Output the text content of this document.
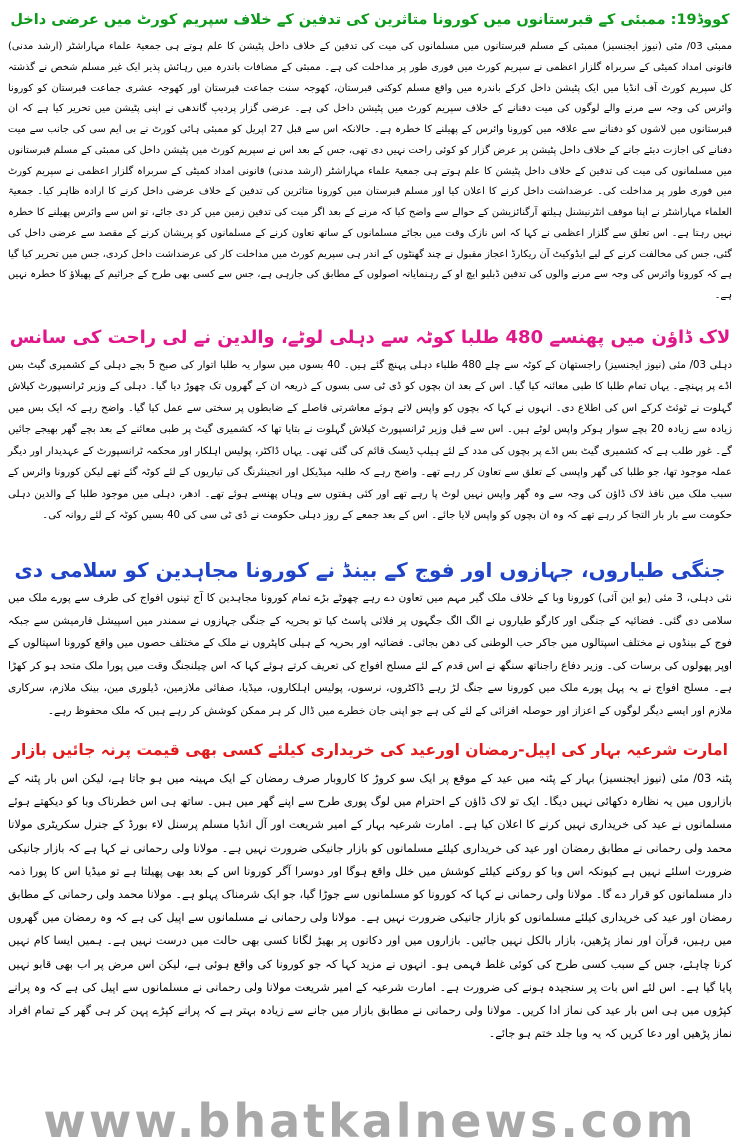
کووڈ19: ممبئی کے قبرستانوں میں کورونا متاثرین کی تدفین کے خلاف سپریم کورٹ میں عرضی داخل

ممبئی 03/ مئی (نیوز ایجنسیز) ممبئی کے مسلم قبرستانوں میں مسلمانوں کی میت کی تدفین کے خلاف داخل پٹیشن کا علم ہوتے ہی جمعیۃ علماء مہاراشٹر (ارشد مدنی) قانونی امداد کمیٹی کے سربراہ گلزار اعظمی نے سپریم کورٹ میں فوری طور پر مداخلت کی ہے۔ ممبئی کے مضافات باندرہ میں رہائش پذیر ایک غیر مسلم شخص نے گذشتہ کل سپریم کورٹ آف انڈیا میں ایک پٹیشن داخل کرکے باندرہ میں واقع مسلم کوکنی قبرستان، کھوجہ سنت جماعت قبرستان اور کھوجہ عشری جماعت قبرستان کو کورونا وائرس کی وجہ سے مرنے والے لوگوں کی میت دفنانے کے خلاف سپریم کورٹ میں پٹیشن داخل کی ہے۔ عرضی گزار پردیپ گاندھی نے اپنی پٹیشن میں تحریر کیا ہے کہ ان قبرستانوں میں لاشوں کو دفنانے سے علاقہ میں کورونا وائرس کے پھیلنے کا خطرہ ہے۔ حالانکہ اس سے قبل 27 اپریل کو ممبئی ہائی کورٹ نے بی ایم سی کی جانب سے میت دفنانے کی اجازت دیئے جانے کے خلاف داخل پٹیشن پر عرض گزار کو کوئی راحت نہیں دی تھی، جس کے بعد اس نے سپریم کورٹ میں پٹیشن داخل کی ممبئی کے مسلم قبرستانوں میں مسلمانوں کی میت کی تدفین کے خلاف داخل پٹیشن کا علم ہوتے ہی جمعیۃ علماء مہاراشٹر (ارشد مدنی) قانونی امداد کمیٹی کے سربراہ گلزار اعظمی نے سپریم کورٹ میں فوری طور پر مداخلت کی۔ عرضداشت داخل کرنے کا اعلان کیا اور مسلم قبرستان میں کورونا متاثرین کی تدفین کے خلاف عرضی داخل کرنے کا ارادہ ظاہر کیا۔ جمعیۃ العلماء مہاراشٹر نے اپنا موقف انٹرنیشنل ہیلتھ آرگنائزیشن کے حوالے سے واضح کیا کہ مرنے کے بعد اگر میت کی تدفین زمین میں کر دی جائے، تو اس سے وائرس پھیلنے کا خطرہ نہیں رہتا ہے۔ اس تعلق سے گلزار اعظمی نے کہا کہ اس نازک وقت میں بجائے مسلمانوں کے ساتھ تعاون کرنے کے مسلمانوں کو پریشان کرنے کے مقصد سے عرضی داخل کی گئی، جس کی مخالفت کرنے کے لیے ایڈوکیٹ آن ریکارڈ اعجاز مقبول نے چند گھنٹوں کے اندر ہی سپریم کورٹ میں مداخلت کار کی عرضداشت داخل کردی، جس میں تحریر کیا گیا ہے کہ کورونا وائرس کی وجہ سے مرنے والوں کی تدفین ڈبلیو ایچ او کے رہنمایانہ اصولوں کے مطابق کی جارہی ہے، جس سے کسی بھی طرح کے جراثیم کے پھیلاؤ کا خطرہ نہیں ہے۔

لاک ڈاؤن میں پھنسے 480 طلبا کوٹہ سے دہلی لوٹے، والدین نے لی راحت کی سانس

دہلی 03/ مئی (نیوز ایجنسیز) راجستھان کے کوٹہ سے چلے 480 طلباء دہلی پہنچ گئے ہیں۔ 40 بسوں میں سوار یہ طلبا اتوار کی صبح 5 بجے دہلی کے کشمیری گیٹ بس اڈے پر پہنچے۔ یہاں تمام طلبا کا طبی معائنہ کیا گیا۔ اس کے بعد ان بچوں کو ڈی ٹی سی بسوں کے ذریعہ ان کے گھروں تک چھوڑ دیا گیا۔ دہلی کے وزیر ٹرانسپورٹ کیلاش گہلوت نے ٹوئٹ کرکے اس کی اطلاع دی۔ انہوں نے کہا کہ بچوں کو واپس لاتے ہوئے معاشرتی فاصلے کے ضابطوں پر سختی سے عمل کیا گیا۔ واضح رہے کہ ایک بس میں زیادہ سے زیادہ 20 بچے سوار ہوکر واپس لوٹے ہیں۔ اس سے قبل وزیر ٹرانسپورٹ کیلاش گہلوت نے بتایا تھا کہ کشمیری گیٹ پر طبی معائنے کے بعد بچے گھر بھیجے جائیں گے۔ غور طلب ہے کہ کشمیری گیٹ بس اڈے پر بچوں کی مدد کے لئے ہیلپ ڈیسک قائم کی گئی تھی۔ یہاں ڈاکٹر، پولیس اہلکار اور محکمہ ٹرانسپورٹ کے عہدیدار اور دیگر عملہ موجود تھا، جو طلبا کی گھر واپسی کے تعلق سے تعاون کر رہے تھے۔ واضح رہے کہ طلبہ میڈیکل اور انجینئرنگ کی تیاریوں کے لئے کوٹہ گئے تھے لیکن کورونا وائرس کے سبب ملک میں نافذ لاک ڈاؤن کی وجہ سے وہ گھر واپس نہیں لوٹ پا رہے تھے اور کئی ہفتوں سے وہاں پھنسے ہوئے تھے۔ ادھر، دہلی میں موجود طلبا کے والدین دہلی حکومت سے بار بار التجا کر رہے تھے کہ وہ ان بچوں کو واپس لایا جائے۔ اس کے بعد جمعے کے روز دہلی حکومت نے ڈی ٹی سی کی 40 بسیں کوٹہ کے لئے روانہ کی۔

جنگی طیاروں، جہازوں اور فوج کے بینڈ نے کورونا مجاہدین کو سلامی دی

نئی دہلی، 3 مئی (یو این آئی) کورونا وبا کے خلاف ملک گیر مہم میں تعاون دے رہے چھوٹے بڑے تمام کورونا مجاہدین کا آج تینوں افواج کی طرف سے پورے ملک میں سلامی دی گئی۔ فضائیہ کے جنگی اور کارگو طیاروں نے الگ الگ جگہوں پر فلائی پاسٹ کیا تو بحریہ کے جنگی جہازوں نے سمندر میں اسپیشل فارمیشن سے جبکہ فوج کے بینڈوں نے مختلف اسپتالوں میں جاکر حب الوطنی کی دھن بجائی۔ فضائیہ اور بحریہ کے ہیلی کاپٹروں نے ملک کے مختلف حصوں میں واقع کورونا اسپتالوں کے اوپر پھولوں کی برسات کی۔ وزیر دفاع راجناتھ سنگھ نے اس قدم کے لئے مسلح افواج کی تعریف کرتے ہوئے کہا کہ اس چیلنجنگ وقت میں پورا ملک متحد ہو کر کھڑا ہے۔ مسلح افواج نے یہ پہل پورے ملک میں کورونا سے جنگ لڑ رہے ڈاکٹروں، نرسوں، پولیس اہلکاروں، میڈیا، صفائی ملازمین، ڈیلوری مین، بینک ملازم، سرکاری ملازم اور ایسے دیگر لوگوں کے اعزاز اور حوصلہ افزائی کے لئے کی ہے جو اپنی جان خطرے میں ڈال کر ہر ممکن کوشش کر رہے ہیں کہ ملک محفوظ رہے۔

امارت شرعیہ بہار کی اپیل-رمضان اورعید کی خریداری کیلئے کسی بھی قیمت پرنہ جائیں بازار

پٹنہ 03/ مئی (نیوز ایجنسیز) بہار کے پٹنہ میں عید کے موقع پر ایک سو کروڑ کا کاروبار صرف رمضان کے ایک مہینہ میں ہو جاتا ہے، لیکن اس بار پٹنہ کے بازاروں میں یہ نظارہ دکھائی نہیں دیگا۔ ایک تو لاک ڈاؤن کے احترام میں لوگ پوری طرح سے اپنے گھر میں ہیں۔ ساتھ ہی اس خطرناک وبا کو دیکھتے ہوئے مسلمانوں نے عید کی خریداری نہیں کرنے کا اعلان کیا ہے۔ امارت شرعیہ بہار کے امیر شریعت اور آل انڈیا مسلم پرسنل لاء بورڈ کے جنرل سکریٹری مولانا محمد ولی رحمانی نے مطابق رمضان اور عید کی خریداری کیلئے مسلمانوں کو بازار جانیکی ضرورت نہیں ہے۔ مولانا ولی رحمانی نے کہا ہے کہ بازار جانیکی ضرورت اسلئے نہیں ہے کیونکہ اس وبا کو روکنے کیلئے کوشش میں خلل واقع ہوگا اور دوسرا آگر کورونا اس کے بعد بھی پھیلتا ہے تو میڈیا اس کا پورا ذمہ دار مسلمانوں کو قرار دے گا۔ مولانا ولی رحمانی نے کہا کہ کورونا کو مسلمانوں سے جوڑا گیا، جو ایک شرمناک پہلو ہے۔ مولانا محمد ولی رحمانی کے مطابق رمضان اور عید کی خریداری کیلئے مسلمانوں کو بازار جانیکی ضرورت نہیں ہے۔ مولانا ولی رحمانی نے مسلمانوں سے اپیل کی ہے کہ وہ رمضان میں گھروں میں رہیں، قرآن اور نماز پڑھیں، بازار بالکل نہیں جائیں۔ بازاروں میں اور دکانوں پر بھیڑ لگانا کسی بھی حالت میں درست نہیں ہے۔ ہمیں ایسا کام نہیں کرنا چاہئے، جس کے سبب کسی طرح کی کوئی غلط فہمی ہو۔ انہوں نے مزید کہا کہ جو کورونا کی واقع ہوئی ہے، لیکن اس مرض پر اب بھی قابو نہیں پایا گیا ہے۔ اس لئے اس بات پر سنجیدہ ہونے کی ضرورت ہے۔ امارت شرعیہ کے امیر شریعت مولانا ولی رحمانی نے مسلمانوں سے اپیل کی ہے کہ وہ پرانے کپڑوں میں ہی اس بار عید کی نماز ادا کریں۔ مولانا ولی رحمانی نے مطابق بازار میں جانے سے زیادہ بہتر ہے کہ پرانے کپڑے پہن کر ہی گھر کے تمام افراد نماز پڑھیں اور دعا کریں کہ یہ وبا جلد ختم ہو جائے۔

www.bhatkalnews.com
